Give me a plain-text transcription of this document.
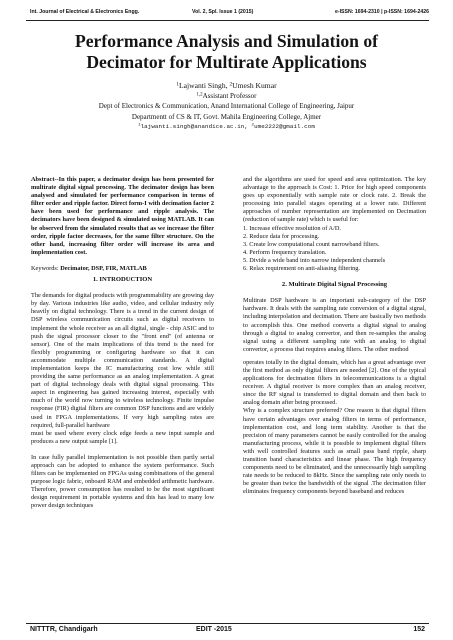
Int. Journal of Electrical & Electronics Engg.	Vol. 2, Spl. Issue 1 (2015)	e-ISSN: 1694-2310 | p-ISSN: 1694-2426
Performance Analysis and Simulation of
Decimator for Multirate Applications
$^1$Lajwanti Singh, $^2$Umesh Kumar
$^{1,2}$Assistant Professor
Dept of Electronics & Communication, Anand International College of Engineering, Jaipur
Departmentt of CS & IT, Govt. Mahila Engineering College, Ajmer
$^1$lajwanti.singh@anandice.ac.in, $^2$ume2222@gmail.com

Abstract--In this paper, a decimator design has been presented for multirate digital signal processing. The decimator design has been analysed and simulated for performance comparison in terms of filter order and ripple factor. Direct form-I with decimation factor 2 have been used for performance and ripple analysis. The decimators have been designed & simulated using MATLAB. It can be observed from the simulated results that as we increase the filter order, ripple factor decreases, for the same filter structure. On the other hand, increasing filter order will increase its area and implementation cost.

Keywords: Decimator, DSP, FIR, MATLAB

1. INTRODUCTION

The demands for digital products with programmability are growing day by day. Various industries like audio, video, and cellular industry rely heavily on digital technology. There is a trend in the current design of DSP wireless communication circuits such as digital receivers to implement the whole receiver as an all digital, single - chip ASIC and to push the signal processor closer to the "front end" (of antenna or sensor). One of the main implications of this trend is the need for flexibly programming or configuring hardware so that it can accommodate multiple communication standards. A digital implementation keeps the IC manufacturing cost low while still providing the same performance as an analog implementation. A great part of digital technology deals with digital signal processing. This aspect in engineering has gained increasing interest, especially with much of the world now turning to wireless technology. Finite impulse response (FIR) digital filters are common DSP functions and are widely used in FPGA implementations. If very high sampling rates are required, full-parallel hardware

must be used where every clock edge feeds a new input sample and produces a new output sample [1].

In case fully parallel implementation is not possible then partly serial approach can be adopted to enhance the system performance. Such filters can be implemented on FPGAs using combinations of the general purpose logic fabric, onboard RAM and embedded arithmetic hardware. Therefore, power consumption has resulted to be the most significant design requirement in portable systems and this has lead to many low power design techniques

and the algorithms are used for speed and area optimization. The key advantage to the approach is Cost: 1. Price for high speed components goes up exponentially with sample rate or clock rate. 2. Break the processing into parallel stages operating at a lower rate. Different approaches of number representation are implemented on Decimation (reduction of sample rate) which is useful for:

1. Increase effective resolution of A/D.

2. Reduce data for processing.

3. Create low computational count narrowband filters.

4. Perform frequency translation.

5. Divide a wide band into narrow independent channels

6. Relax requirement on anti-aliasing filtering.

2. Multirate Digital Signal Processing

Multirate DSP hardware is an important sub-category of the DSP hardware. It deals with the sampling rate conversion of a digital signal, including interpolation and decimation. There are basically two methods to accomplish this. One method converts a digital signal to analog through a digital to analog convertor, and then re-samples the analog signal using a different sampling rate with an analog to digital convertor, a process that requires analog filters. The other method

operates totally in the digital domain, which has a great advantage over the first method as only digital filters are needed [2]. One of the typical applications for decimation filters in telecommunications is a digital receiver. A digital receiver is more complex than an analog receiver, since the RF signal is transferred to digital domain and then back to analog domain after being processed.

Why is a complex structure preferred? One reason is that digital filters have certain advantages over analog filters in terms of performance, implementation cost, and long term stability. Another is that the precision of many parameters cannot be easily controlled for the analog manufacturing process, while it is possible to implement digital filters with well controlled features such as small pass band ripple, sharp transition band characteristics and linear phase. The high frequency components need to be eliminated, and the unnecessarily high sampling rate needs to be reduced to 8kHz. Since the sampling rate only needs to be greater than twice the bandwidth of the signal .The decimation filter eliminates frequency components beyond baseband and reduces

NITTTR, Chandigarh	EDIT -2015	152
